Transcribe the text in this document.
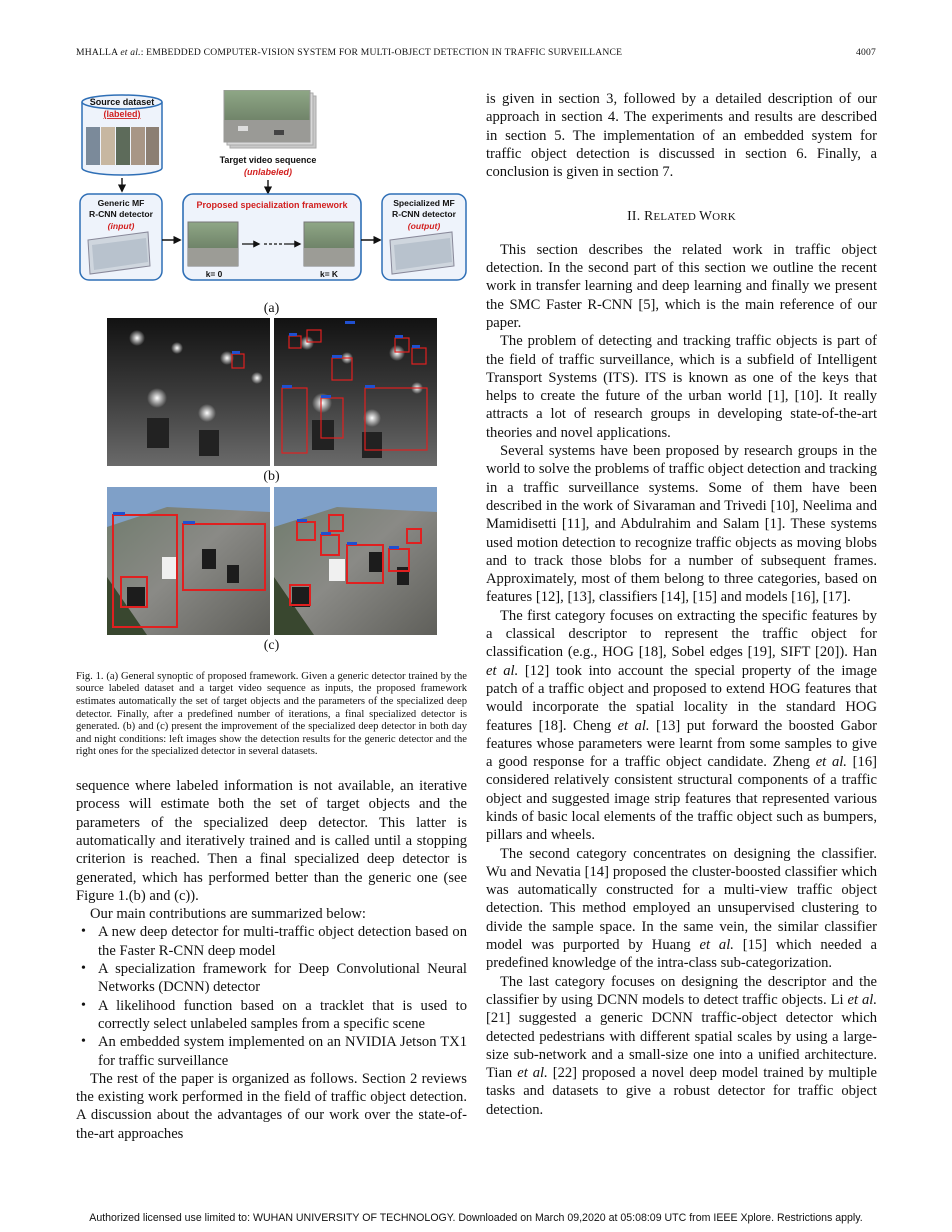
MHALLA et al.: EMBEDDED COMPUTER-VISION SYSTEM FOR MULTI-OBJECT DETECTION IN TRAFFIC SURVEILLANCE	4007
Source dataset
(labeled)
Target video sequence
(unlabeled)
Generic MF
R-CNN detector
(input)
Proposed specialization framework
k= 0	k= K
Specialized MF
R-CNN detector
(output)
(a)
(b)
(c)
Fig. 1. (a) General synoptic of proposed framework. Given a generic detector trained by the source labeled dataset and a target video sequence as inputs, the proposed framework estimates automatically the set of target objects and the parameters of the specialized deep detector. Finally, after a predefined number of iterations, a final specialized detector is generated. (b) and (c) present the improvement of the specialized deep detector in both day and night conditions: left images show the detection results for the generic detector and the right ones for the specialized detector in several datasets.

sequence where labeled information is not available, an iterative process will estimate both the set of target objects and the parameters of the specialized deep detector. This latter is automatically and iteratively trained and is called until a stopping criterion is reached. Then a final specialized deep detector is generated, which has performed better than the generic one (see Figure 1.(b) and (c)).

Our main contributions are summarized below:

• A new deep detector for multi-traffic object detection based on the Faster R-CNN deep model
• A specialization framework for Deep Convolutional Neural Networks (DCNN) detector
• A likelihood function based on a tracklet that is used to correctly select unlabeled samples from a specific scene
• An embedded system implemented on an NVIDIA Jetson TX1 for traffic surveillance

The rest of the paper is organized as follows. Section 2 reviews the existing work performed in the field of traffic object detection. A discussion about the advantages of our work over the state-of-the-art approaches

is given in section 3, followed by a detailed description of our approach in section 4. The experiments and results are described in section 5. The implementation of an embedded system for traffic object detection is discussed in section 6. Finally, a conclusion is given in section 7.

II. RELATED WORK

This section describes the related work in traffic object detection. In the second part of this section we outline the recent work in transfer learning and deep learning and finally we present the SMC Faster R-CNN [5], which is the main reference of our paper.

The problem of detecting and tracking traffic objects is part of the field of traffic surveillance, which is a subfield of Intelligent Transport Systems (ITS). ITS is known as one of the keys that helps to create the future of the urban world [1], [10]. It really attracts a lot of research groups in developing state-of-the-art theories and novel applications.

Several systems have been proposed by research groups in the world to solve the problems of traffic object detection and tracking in a traffic surveillance systems. Some of them have been described in the work of Sivaraman and Trivedi [10], Neelima and Mamidisetti [11], and Abdulrahim and Salam [1]. These systems used motion detection to recognize traffic objects as moving blobs and to track those blobs for a number of subsequent frames. Approximately, most of them belong to three categories, based on features [12], [13], classifiers [14], [15] and models [16], [17].

The first category focuses on extracting the specific features by a classical descriptor to represent the traffic object for classification (e.g., HOG [18], Sobel edges [19], SIFT [20]). Han et al. [12] took into account the special property of the image patch of a traffic object and proposed to extend HOG features that would incorporate the spatial locality in the standard HOG features [18]. Cheng et al. [13] put forward the boosted Gabor features whose parameters were learnt from some samples to give a good response for a traffic object candidate. Zheng et al. [16] considered relatively consistent structural components of a traffic object and suggested image strip features that represented various kinds of basic local elements of the traffic object such as bumpers, pillars and wheels.

The second category concentrates on designing the classifier. Wu and Nevatia [14] proposed the cluster-boosted classifier which was automatically constructed for a multi-view traffic object detection. This method employed an unsupervised clustering to divide the sample space. In the same vein, the similar classifier model was purported by Huang et al. [15] which needed a predefined knowledge of the intra-class sub-categorization.

The last category focuses on designing the descriptor and the classifier by using DCNN models to detect traffic objects. Li et al. [21] suggested a generic DCNN traffic-object detector which detected pedestrians with different spatial scales by using a large-size sub-network and a small-size one into a unified architecture. Tian et al. [22] proposed a novel deep model trained by multiple tasks and datasets to give a robust detector for traffic object detection.

Authorized licensed use limited to: WUHAN UNIVERSITY OF TECHNOLOGY. Downloaded on March 09,2020 at 05:08:09 UTC from IEEE Xplore. Restrictions apply.
